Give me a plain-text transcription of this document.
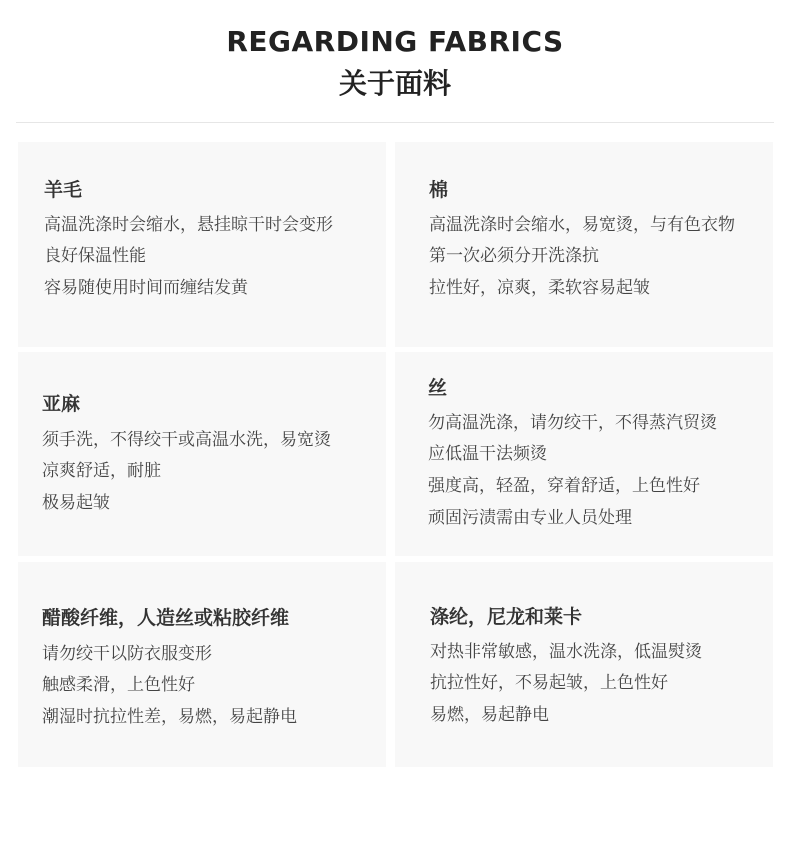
REGARDING FABRICS
关于面料
羊毛
高温洗涤时会缩水，悬挂晾干时会变形
良好保温性能
容易随使用时间而缠结发黄
棉
高温洗涤时会缩水，易宽烫，与有色衣物
第一次必须分开洗涤抗
拉性好，凉爽，柔软容易起皱
亚麻
须手洗，不得绞干或高温水洗，易宽烫
凉爽舒适，耐脏
极易起皱
丝
勿高温洗涤，请勿绞干，不得蒸汽贸烫
应低温干法频烫
强度高，轻盈，穿着舒适，上色性好
顽固污渍需由专业人员处理
醋酸纤维，人造丝或粘胶纤维
请勿绞干以防衣服变形
触感柔滑，上色性好
潮湿时抗拉性差，易燃，易起静电
涤纶，尼龙和莱卡
对热非常敏感，温水洗涤，低温熨烫
抗拉性好，不易起皱，上色性好
易燃，易起静电
